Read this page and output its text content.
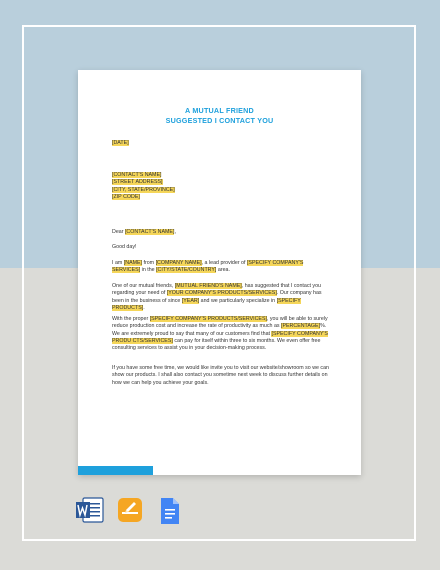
A MUTUAL FRIEND
SUGGESTED I CONTACT YOU
[DATE]
[CONTACT'S NAME]
[STREET ADDRESS]
[CITY, STATE/PROVINCE]
[ZIP CODE]
Dear [CONTACT'S NAME],
Good day!
I am [NAME] from [COMPANY NAME], a lead provider of [SPECIFY COMPANY'S SERVICES] in the [CITY/STATE/COUNTRY] area.
One of our mutual friends, [MUTUAL FRIEND'S NAME], has suggested that I contact you regarding your need of [YOUR COMPANY'S PRODUCTS/SERVICES]. Our company has been in the business of since [YEAR] and we particularly specialize in [SPECIFY PRODUCTS].
With the proper [SPECIFY COMPANY'S PRODUCTS/SERVICES], you will be able to surely reduce production cost and increase the rate of productivity as much as [PERCENTAGE]%. We are extremely proud to say that many of our customers find that [SPECIFY COMPANY'S PRODU CTS/SERVICES] can pay for itself within three to six months. We even offer free consulting services to assist you in your decision-making process.
If you have some free time, we would like invite you to visit our website/showroom so we can show our products. I shall also contact you sometime next week to discuss further details on how we can help you achieve your goals.
